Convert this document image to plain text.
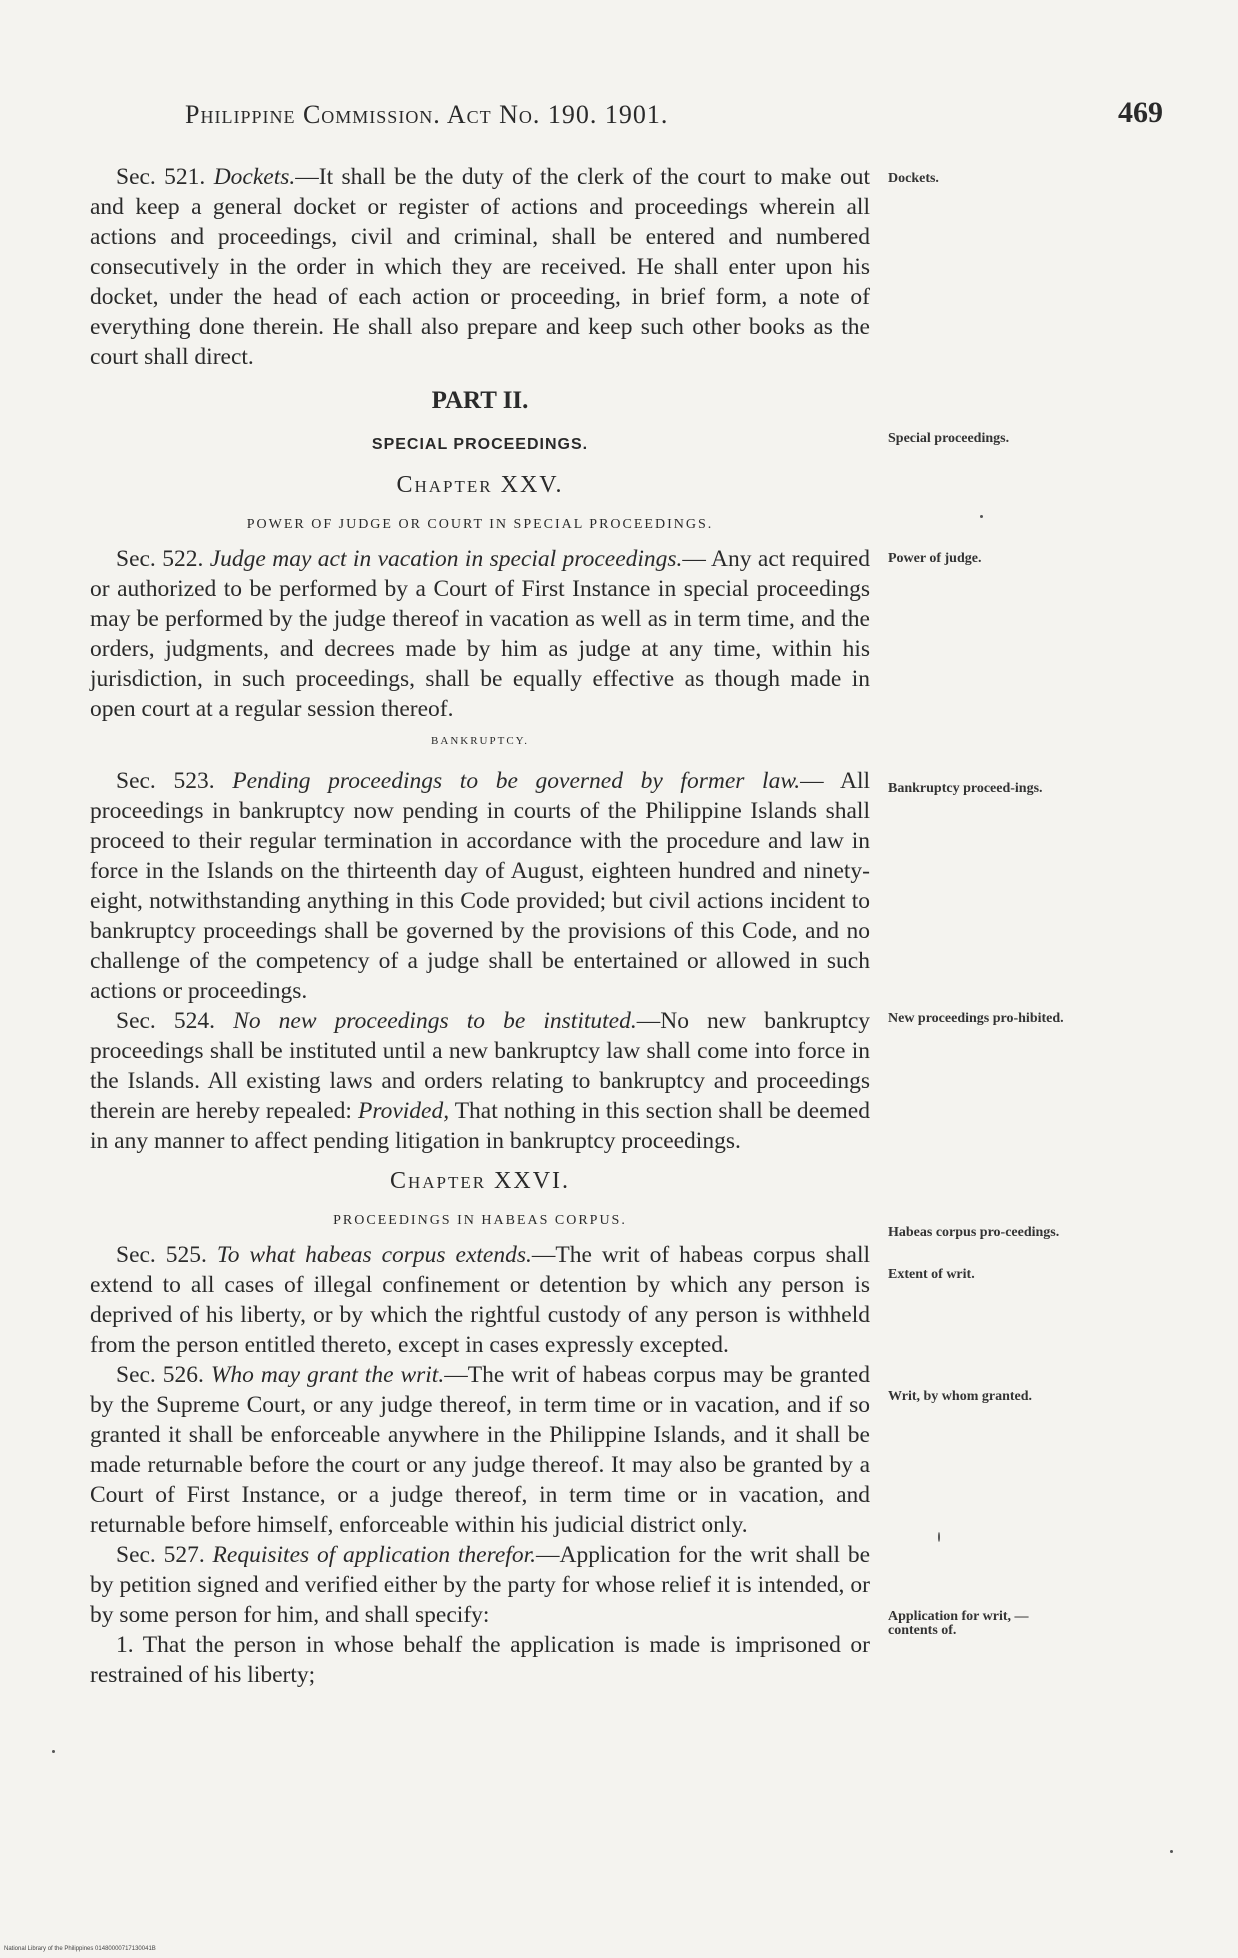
Philippine Commission. Act No. 190. 1901.	469

Sec. 521. Dockets.—It shall be the duty of the clerk of the court to make out and keep a general docket or register of actions and proceedings wherein all actions and proceedings, civil and criminal, shall be entered and numbered consecutively in the order in which they are received. He shall enter upon his docket, under the head of each action or proceeding, in brief form, a note of everything done therein. He shall also prepare and keep such other books as the court shall direct.

PART II.

SPECIAL PROCEEDINGS.

Chapter XXV.

POWER OF JUDGE OR COURT IN SPECIAL PROCEEDINGS.

Sec. 522. Judge may act in vacation in special proceedings.— Any act required or authorized to be performed by a Court of First Instance in special proceedings may be performed by the judge thereof in vacation as well as in term time, and the orders, judgments, and decrees made by him as judge at any time, within his jurisdiction, in such proceedings, shall be equally effective as though made in open court at a regular session thereof.

BANKRUPTCY.

Sec. 523. Pending proceedings to be governed by former law.— All proceedings in bankruptcy now pending in courts of the Philippine Islands shall proceed to their regular termination in accordance with the procedure and law in force in the Islands on the thirteenth day of August, eighteen hundred and ninety-eight, notwithstanding anything in this Code provided; but civil actions incident to bankruptcy proceedings shall be governed by the provisions of this Code, and no challenge of the competency of a judge shall be entertained or allowed in such actions or proceedings.

Sec. 524. No new proceedings to be instituted.—No new bankruptcy proceedings shall be instituted until a new bankruptcy law shall come into force in the Islands. All existing laws and orders relating to bankruptcy and proceedings therein are hereby repealed: Provided, That nothing in this section shall be deemed in any manner to affect pending litigation in bankruptcy proceedings.

Chapter XXVI.

PROCEEDINGS IN HABEAS CORPUS.

Sec. 525. To what habeas corpus extends.—The writ of habeas corpus shall extend to all cases of illegal confinement or detention by which any person is deprived of his liberty, or by which the rightful custody of any person is withheld from the person entitled thereto, except in cases expressly excepted.

Sec. 526. Who may grant the writ.—The writ of habeas corpus may be granted by the Supreme Court, or any judge thereof, in term time or in vacation, and if so granted it shall be enforceable anywhere in the Philippine Islands, and it shall be made returnable before the court or any judge thereof. It may also be granted by a Court of First Instance, or a judge thereof, in term time or in vacation, and returnable before himself, enforceable within his judicial district only.

Sec. 527. Requisites of application therefor.—Application for the writ shall be by petition signed and verified either by the party for whose relief it is intended, or by some person for him, and shall specify:

1. That the person in whose behalf the application is made is imprisoned or restrained of his liberty;

Dockets.
Special proceedings.
Power of judge.
Bankruptcy proceed-ings.
New proceedings pro-hibited.
Habeas corpus pro-ceedings.
Extent of writ.
Writ, by whom granted.
Application for writ, — contents of.
National Library of the Philippines 01480000717130041B
